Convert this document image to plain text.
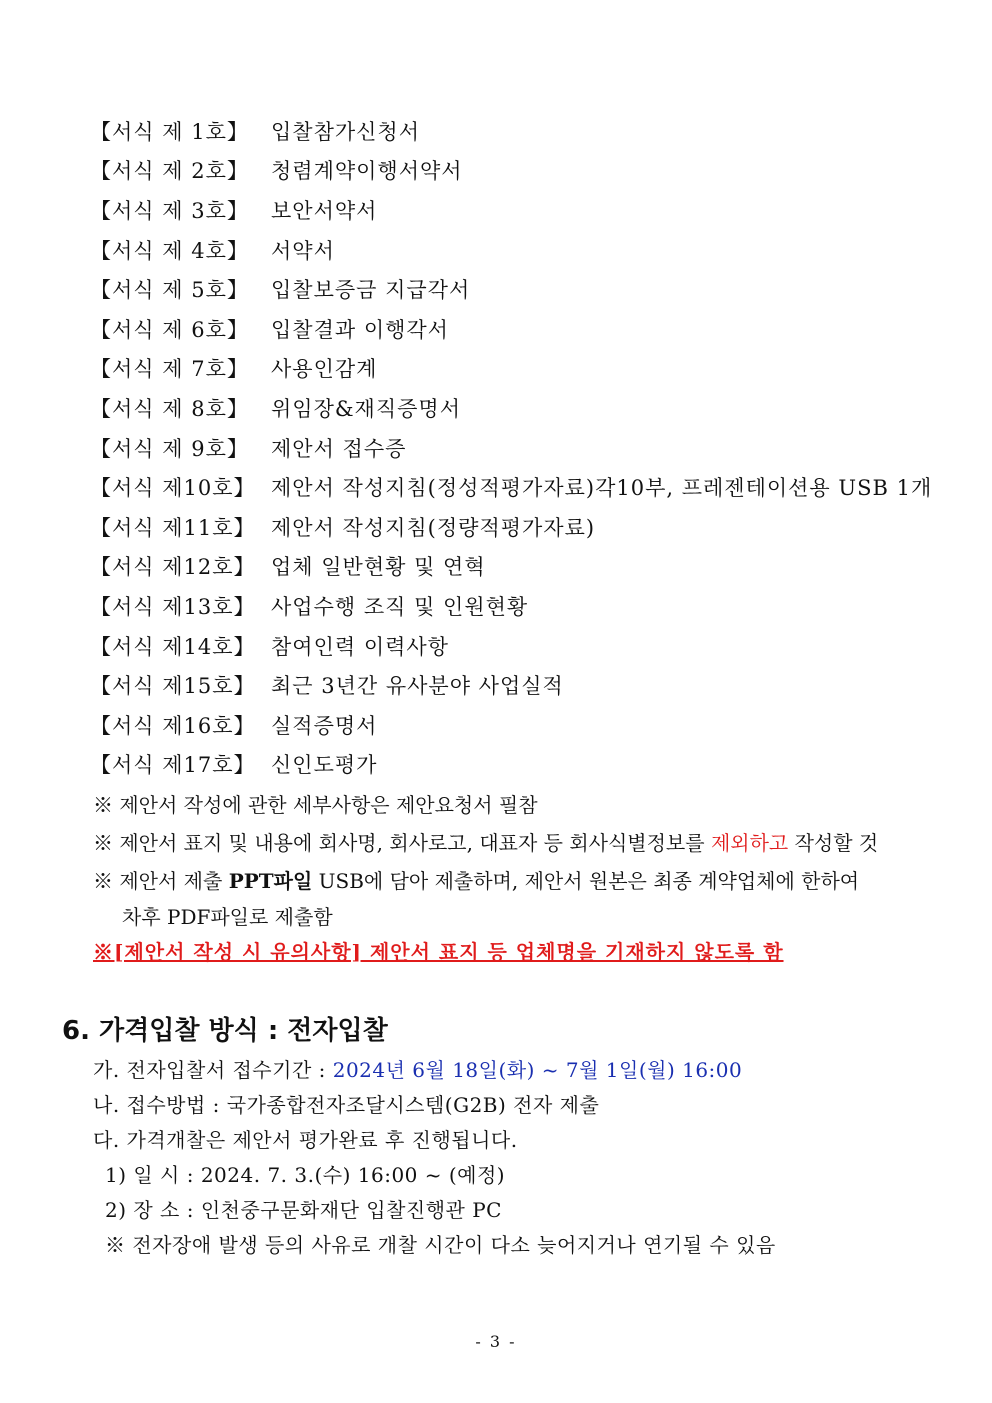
【서식 제 1호】	입찰참가신청서
【서식 제 2호】	청렴계약이행서약서
【서식 제 3호】	보안서약서
【서식 제 4호】	서약서
【서식 제 5호】	입찰보증금 지급각서
【서식 제 6호】	입찰결과 이행각서
【서식 제 7호】	사용인감계
【서식 제 8호】	위임장&재직증명서
【서식 제 9호】	제안서 접수증
【서식 제10호】 제안서 작성지침(정성적평가자료)각10부, 프레젠테이션용 USB 1개
【서식 제11호】 제안서 작성지침(정량적평가자료)
【서식 제12호】 업체 일반현황 및 연혁
【서식 제13호】 사업수행 조직 및 인원현황
【서식 제14호】 참여인력 이력사항
【서식 제15호】 최근 3년간 유사분야 사업실적
【서식 제16호】 실적증명서
【서식 제17호】 신인도평가
※ 제안서 작성에 관한 세부사항은 제안요청서 필참
※ 제안서 표지 및 내용에 회사명, 회사로고, 대표자 등 회사식별정보를 제외하고 작성할 것
※ 제안서 제출 PPT파일 USB에 담아 제출하며, 제안서 원본은 최종 계약업체에 한하여
차후 PDF파일로 제출함
※[제안서 작성 시 유의사항] 제안서 표지 등 업체명을 기재하지 않도록 함
6. 가격입찰 방식 : 전자입찰
가. 전자입찰서 접수기간 : 2024년 6월 18일(화) ~ 7월 1일(월) 16:00
나. 접수방법 : 국가종합전자조달시스템(G2B) 전자 제출
다. 가격개찰은 제안서 평가완료 후 진행됩니다.
1) 일 시 : 2024. 7. 3.(수) 16:00 ~ (예정)
2) 장 소 : 인천중구문화재단 입찰진행관 PC
※ 전자장애 발생 등의 사유로 개찰 시간이 다소 늦어지거나 연기될 수 있음
- 3 -
